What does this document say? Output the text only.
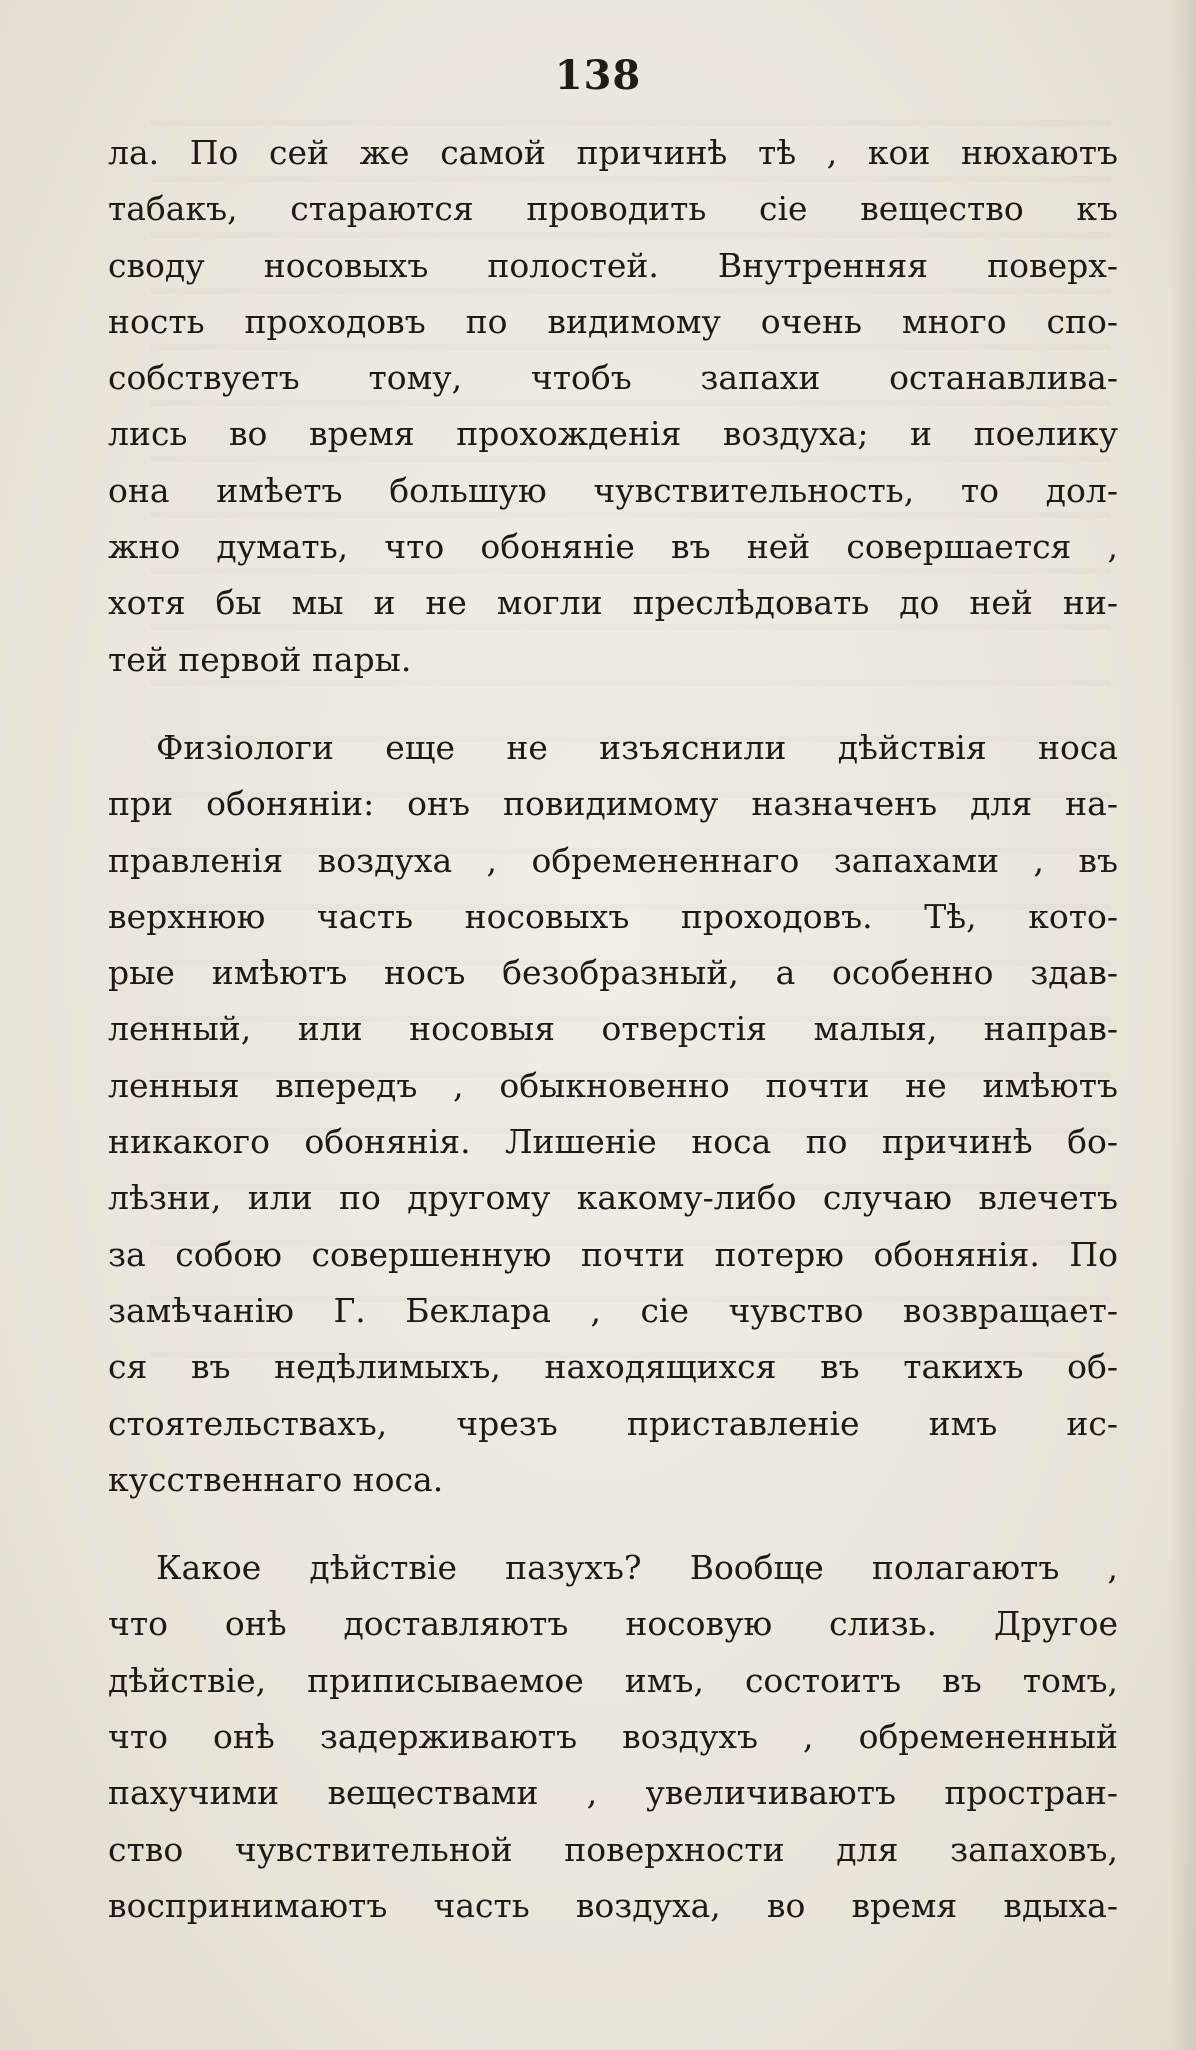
138

ла. По сей же самой причинѣ тѣ , кои нюхаютъ
табакъ, стараются проводить сіе вещество къ
своду носовыхъ полостей. Внутренняя поверх-
ность проходовъ по видимому очень много спо-
собствуетъ тому, чтобъ запахи останавлива-
лись во время прохожденія воздуха; и поелику
она имѣетъ большую чувствительность, то дол-
жно думать, что обоняніе въ ней совершается ,
хотя бы мы и не могли преслѣдовать до ней ни-
тей первой пары.

Физіологи еще не изъяснили дѣйствія носа
при обоняніи: онъ повидимому назначенъ для на-
правленія воздуха , обремененнаго запахами , въ
верхнюю часть носовыхъ проходовъ. Тѣ, кото-
рые имѣютъ носъ безобразный, а особенно здав-
ленный, или носовыя отверстія малыя, направ-
ленныя впередъ , обыкновенно почти не имѣютъ
никакого обонянія. Лишеніе носа по причинѣ бо-
лѣзни, или по другому какому-либо случаю влечетъ
за собою совершенную почти потерю обонянія. По
замѣчанію Г. Беклара , сіе чувство возвращает-
ся въ недѣлимыхъ, находящихся въ такихъ об-
стоятельствахъ, чрезъ приставленіе имъ ис-
кусственнаго носа.

Какое дѣйствіе пазухъ? Вообще полагаютъ ,
что онѣ доставляютъ носовую слизь. Другое
дѣйствіе, приписываемое имъ, состоитъ въ томъ,
что онѣ задерживаютъ воздухъ , обремененный
пахучими веществами , увеличиваютъ простран-
ство чувствительной поверхности для запаховъ,
воспринимаютъ часть воздуха, во время вдыха-
